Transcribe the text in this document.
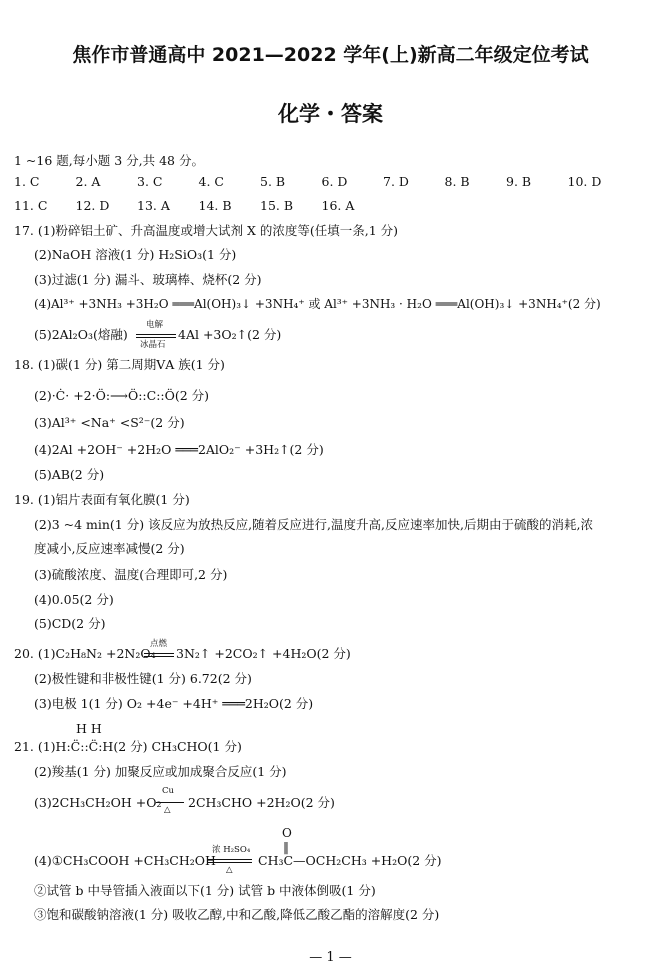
焦作市普通高中 2021—2022 学年(上)新高二年级定位考试
化学・答案
1 ~16 题,每小题 3 分,共 48 分。
1. C	2. A	3. C	4. C	5. B	6. D	7. D	8. B	9. B	10. D
11. C	12. D	13. A	14. B	15. B	16. A
17. (1)粉碎铝土矿、升高温度或增大试剂 X 的浓度等(任填一条,1 分)
(2)NaOH 溶液(1 分) H₂SiO₃(1 分)
(3)过滤(1 分) 漏斗、玻璃棒、烧杯(2 分)
(4)Al³⁺ +3NH₃ +3H₂O ═══Al(OH)₃↓ +3NH₄⁺ 或 Al³⁺ +3NH₃ · H₂O ═══Al(OH)₃↓ +3NH₄⁺(2 分)
(5)2Al₂O₃(熔融)
电解
冰晶石
4Al +3O₂↑(2 分)
18. (1)碳(1 分) 第二周期ⅤA 族(1 分)
(2)·Ċ· +2·Ö:⟶Ö::C::Ö(2 分)
(3)Al³⁺ <Na⁺ <S²⁻(2 分)
(4)2Al +2OH⁻ +2H₂O ═══2AlO₂⁻ +3H₂↑(2 分)
(5)AB(2 分)
19. (1)铝片表面有氧化膜(1 分)
(2)3 ~4 min(1 分) 该反应为放热反应,随着反应进行,温度升高,反应速率加快,后期由于硫酸的消耗,浓
度减小,反应速率减慢(2 分)
(3)硫酸浓度、温度(合理即可,2 分)
(4)0.05(2 分)
(5)CD(2 分)
20. (1)C₂H₈N₂ +2N₂O₄
点燃
3N₂↑ +2CO₂↑ +4H₂O(2 分)
(2)极性键和非极性键(1 分) 6.72(2 分)
(3)电极 1(1 分) O₂ +4e⁻ +4H⁺ ═══2H₂O(2 分)
H H
21. (1)H:C̈::C̈:H(2 分) CH₃CHO(1 分)
(2)羧基(1 分) 加聚反应或加成聚合反应(1 分)
(3)2CH₃CH₂OH +O₂
Cu
△ 2CH₃CHO +2H₂O(2 分)
O
‖
(4)①CH₃COOH +CH₃CH₂OH
浓 H₂SO₄
△
CH₃C—OCH₂CH₃ +H₂O(2 分)
②试管 b 中导管插入液面以下(1 分) 试管 b 中液体倒吸(1 分)
③饱和碳酸钠溶液(1 分) 吸收乙醇,中和乙酸,降低乙酸乙酯的溶解度(2 分)
— 1 —
